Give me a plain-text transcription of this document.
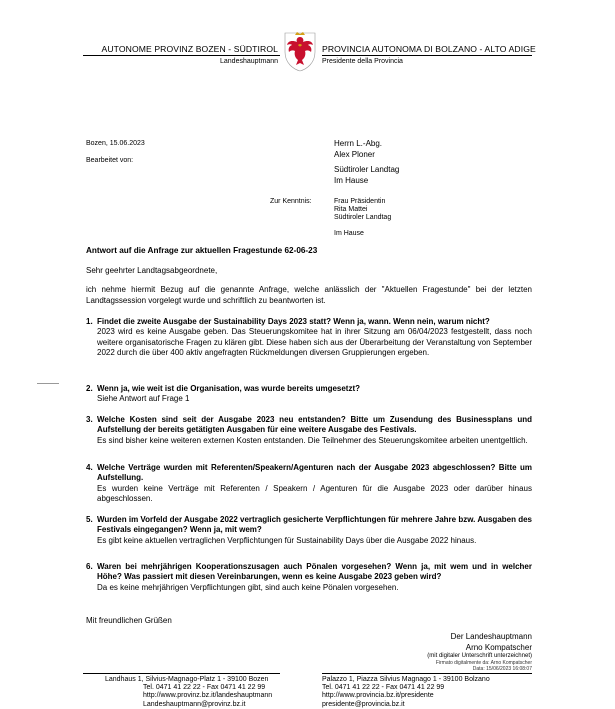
AUTONOME PROVINZ BOZEN - SÜDTIROL
Landeshauptmann
PROVINCIA AUTONOMA DI BOLZANO - ALTO ADIGE
Presidente della Provincia
Bozen, 15.06.2023
Bearbeitet von:
Herrn L.-Abg.
Alex Ploner
Südtiroler Landtag
Im Hause
Zur Kenntnis:	Frau Präsidentin
Rita Mattei
Südtiroler Landtag
Im Hause
Antwort auf die Anfrage zur aktuellen Fragestunde 62-06-23
Sehr geehrter Landtagsabgeordnete,
ich nehme hiermit Bezug auf die genannte Anfrage, welche anlässlich der "Aktuellen Fragestunde" bei der letzten Landtagssession vorgelegt wurde und schriftlich zu beantworten ist.
1. Findet die zweite Ausgabe der Sustainability Days 2023 statt? Wenn ja, wann. Wenn nein, warum nicht?
2023 wird es keine Ausgabe geben. Das Steuerungskomitee hat in ihrer Sitzung am 06/04/2023 festgestellt, dass noch weitere organisatorische Fragen zu klären gibt. Diese haben sich aus der Überarbeitung der Veranstaltung von September 2022 durch die über 400 aktiv angefragten Rückmeldungen diversen Gruppierungen ergeben.
2. Wenn ja, wie weit ist die Organisation, was wurde bereits umgesetzt?
Siehe Antwort auf Frage 1
3. Welche Kosten sind seit der Ausgabe 2023 neu entstanden? Bitte um Zusendung des Businessplans und Aufstellung der bereits getätigten Ausgaben für eine weitere Ausgabe des Festivals.
Es sind bisher keine weiteren externen Kosten entstanden. Die Teilnehmer des Steuerungskomitee arbeiten unentgeltlich.
4. Welche Verträge wurden mit Referenten/Speakern/Agenturen nach der Ausgabe 2023 abgeschlossen? Bitte um Aufstellung.
Es wurden keine Verträge mit Referenten / Speakern / Agenturen für die Ausgabe 2023 oder darüber hinaus abgeschlossen.
5. Wurden im Vorfeld der Ausgabe 2022 vertraglich gesicherte Verpflichtungen für mehrere Jahre bzw. Ausgaben des Festivals eingegangen? Wenn ja, mit wem?
Es gibt keine aktuellen vertraglichen Verpflichtungen für Sustainability Days über die Ausgabe 2022 hinaus.
6. Waren bei mehrjährigen Kooperationszusagen auch Pönalen vorgesehen? Wenn ja, mit wem und in welcher Höhe? Was passiert mit diesen Vereinbarungen, wenn es keine Ausgabe 2023 geben wird?
Da es keine mehrjährigen Verpflichtungen gibt, sind auch keine Pönalen vorgesehen.
Mit freundlichen Grüßen
Der Landeshauptmann
Arno Kompatscher
(mit digitaler Unterschrift unterzeichnet)
Firmato digitalmente da: Arno Kompatscher
Data: 15/06/2023 16:08:07
Landhaus 1, Silvius-Magnago-Platz 1 - 39100 Bozen
Tel. 0471 41 22 22 - Fax 0471 41 22 99
http://www.provinz.bz.it/landeshauptmann
Landeshauptmann@provinz.bz.it
Palazzo 1, Piazza Silvius Magnago 1 - 39100 Bolzano
Tel. 0471 41 22 22 - Fax 0471 41 22 99
http://www.provincia.bz.it/presidente
presidente@provincia.bz.it
